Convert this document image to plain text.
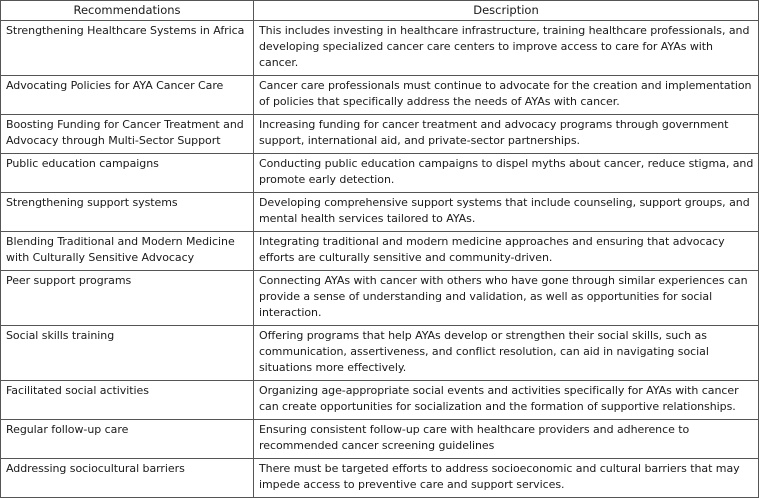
Recommendations	Description
Strengthening Healthcare Systems in Africa	This includes investing in healthcare infrastructure, training healthcare professionals, and developing specialized cancer care centers to improve access to care for AYAs with cancer.
Advocating Policies for AYA Cancer Care	Cancer care professionals must continue to advocate for the creation and implementation of policies that specifically address the needs of AYAs with cancer.
Boosting Funding for Cancer Treatment and Advocacy through Multi-Sector Support	Increasing funding for cancer treatment and advocacy programs through government support, international aid, and private-sector partnerships.
Public education campaigns	Conducting public education campaigns to dispel myths about cancer, reduce stigma, and promote early detection.
Strengthening support systems	Developing comprehensive support systems that include counseling, support groups, and mental health services tailored to AYAs.
Blending Traditional and Modern Medicine with Culturally Sensitive Advocacy	Integrating traditional and modern medicine approaches and ensuring that advocacy efforts are culturally sensitive and community-driven.
Peer support programs	Connecting AYAs with cancer with others who have gone through similar experiences can provide a sense of understanding and validation, as well as opportunities for social interaction.
Social skills training	Offering programs that help AYAs develop or strengthen their social skills, such as communication, assertiveness, and conflict resolution, can aid in navigating social situations more effectively.
Facilitated social activities	Organizing age-appropriate social events and activities specifically for AYAs with cancer can create opportunities for socialization and the formation of supportive relationships.
Regular follow-up care	Ensuring consistent follow-up care with healthcare providers and adherence to recommended cancer screening guidelines
Addressing sociocultural barriers	There must be targeted efforts to address socioeconomic and cultural barriers that may impede access to preventive care and support services.
